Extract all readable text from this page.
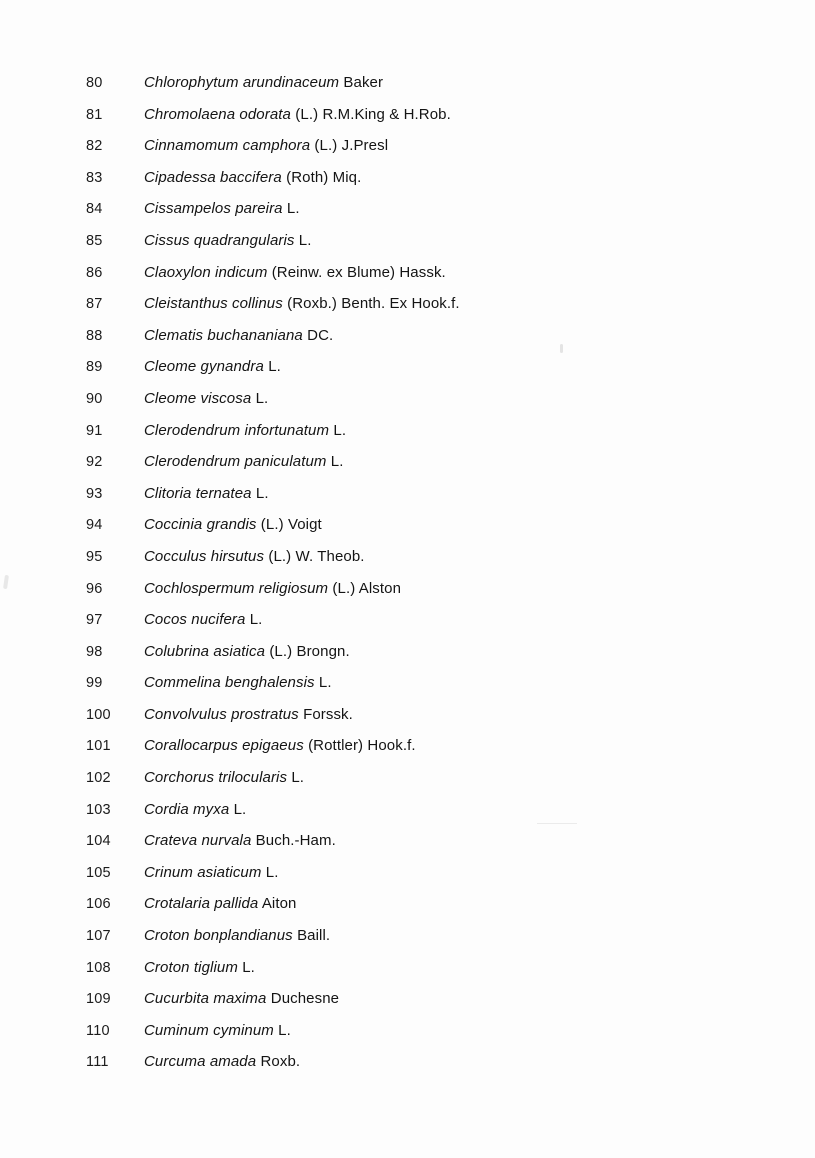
80	Chlorophytum arundinaceum Baker
81	Chromolaena odorata (L.) R.M.King & H.Rob.
82	Cinnamomum camphora (L.) J.Presl
83	Cipadessa baccifera (Roth) Miq.
84	Cissampelos pareira L.
85	Cissus quadrangularis L.
86	Claoxylon indicum (Reinw. ex Blume) Hassk.
87	Cleistanthus collinus (Roxb.) Benth. Ex Hook.f.
88	Clematis buchananiana DC.
89	Cleome gynandra L.
90	Cleome viscosa L.
91	Clerodendrum infortunatum L.
92	Clerodendrum paniculatum L.
93	Clitoria ternatea L.
94	Coccinia grandis (L.) Voigt
95	Cocculus hirsutus (L.) W. Theob.
96	Cochlospermum religiosum (L.) Alston
97	Cocos nucifera L.
98	Colubrina asiatica (L.) Brongn.
99	Commelina benghalensis L.
100	Convolvulus prostratus Forssk.
101	Corallocarpus epigaeus (Rottler) Hook.f.
102	Corchorus trilocularis L.
103	Cordia myxa L.
104	Crateva nurvala Buch.-Ham.
105	Crinum asiaticum L.
106	Crotalaria pallida Aiton
107	Croton bonplandianus Baill.
108	Croton tiglium L.
109	Cucurbita maxima Duchesne
110	Cuminum cyminum L.
111	Curcuma amada Roxb.
